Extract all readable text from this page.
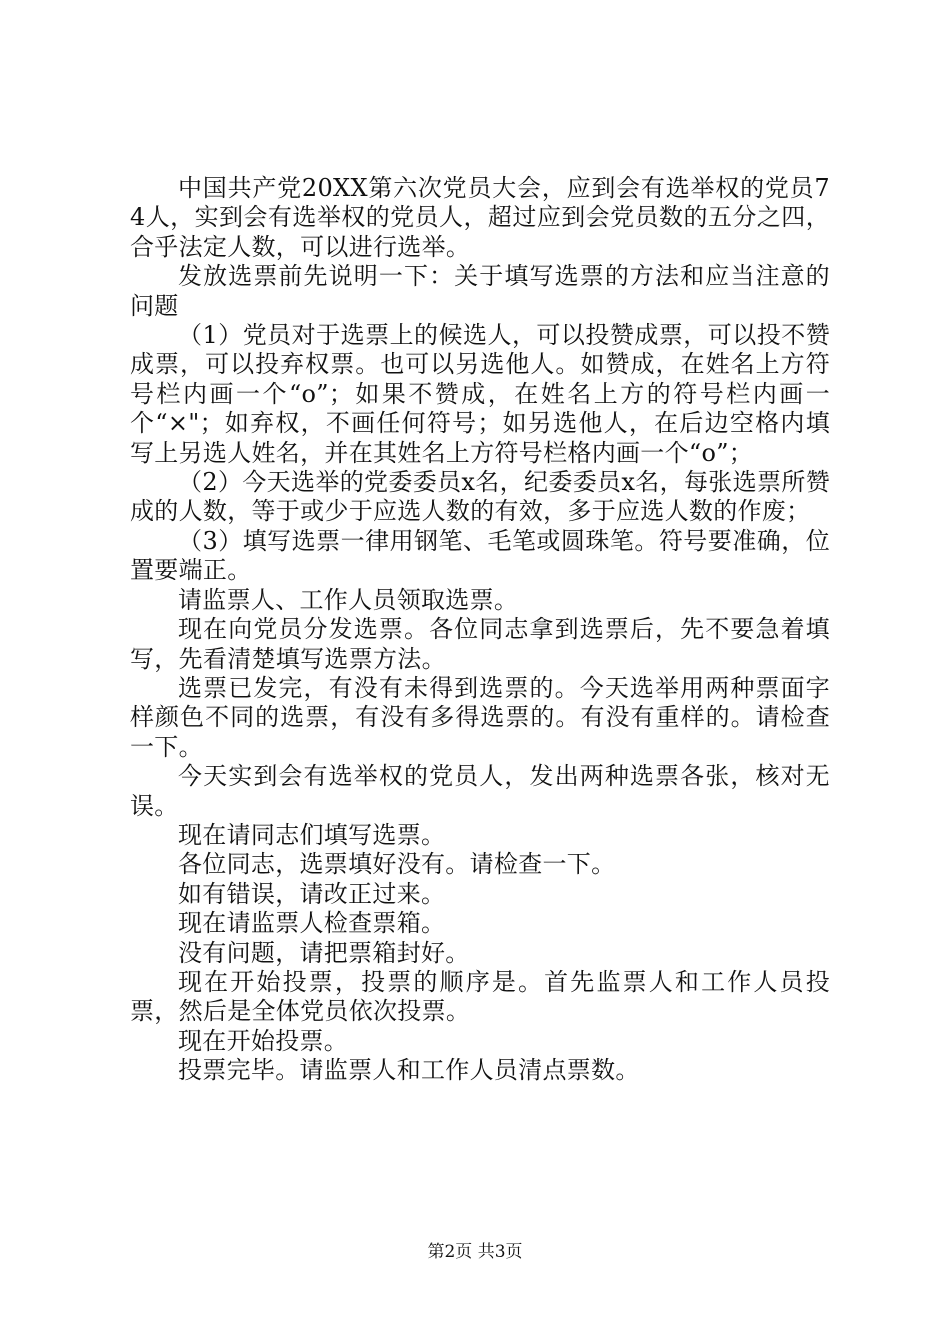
中国共产党20XX第六次党员大会，应到会有选举权的党员74人，实到会有选举权的党员人，超过应到会党员数的五分之四，合乎法定人数，可以进行选举。

发放选票前先说明一下：关于填写选票的方法和应当注意的问题

（1）党员对于选票上的候选人，可以投赞成票，可以投不赞成票，可以投弃权票。也可以另选他人。如赞成，在姓名上方符号栏内画一个“o”；如果不赞成，在姓名上方的符号栏内画一个“×"；如弃权，不画任何符号；如另选他人，在后边空格内填写上另选人姓名，并在其姓名上方符号栏格内画一个“o”；

（2）今天选举的党委委员x名，纪委委员x名，每张选票所赞成的人数，等于或少于应选人数的有效，多于应选人数的作废；

（3）填写选票一律用钢笔、毛笔或圆珠笔。符号要准确，位置要端正。

请监票人、工作人员领取选票。

现在向党员分发选票。各位同志拿到选票后，先不要急着填写，先看清楚填写选票方法。

选票已发完，有没有未得到选票的。今天选举用两种票面字样颜色不同的选票，有没有多得选票的。有没有重样的。请检查一下。

今天实到会有选举权的党员人，发出两种选票各张，核对无误。

现在请同志们填写选票。

各位同志，选票填好没有。请检查一下。

如有错误，请改正过来。

现在请监票人检查票箱。

没有问题，请把票箱封好。

现在开始投票，投票的顺序是。首先监票人和工作人员投票，然后是全体党员依次投票。

现在开始投票。

投票完毕。请监票人和工作人员清点票数。

第2页 共3页
